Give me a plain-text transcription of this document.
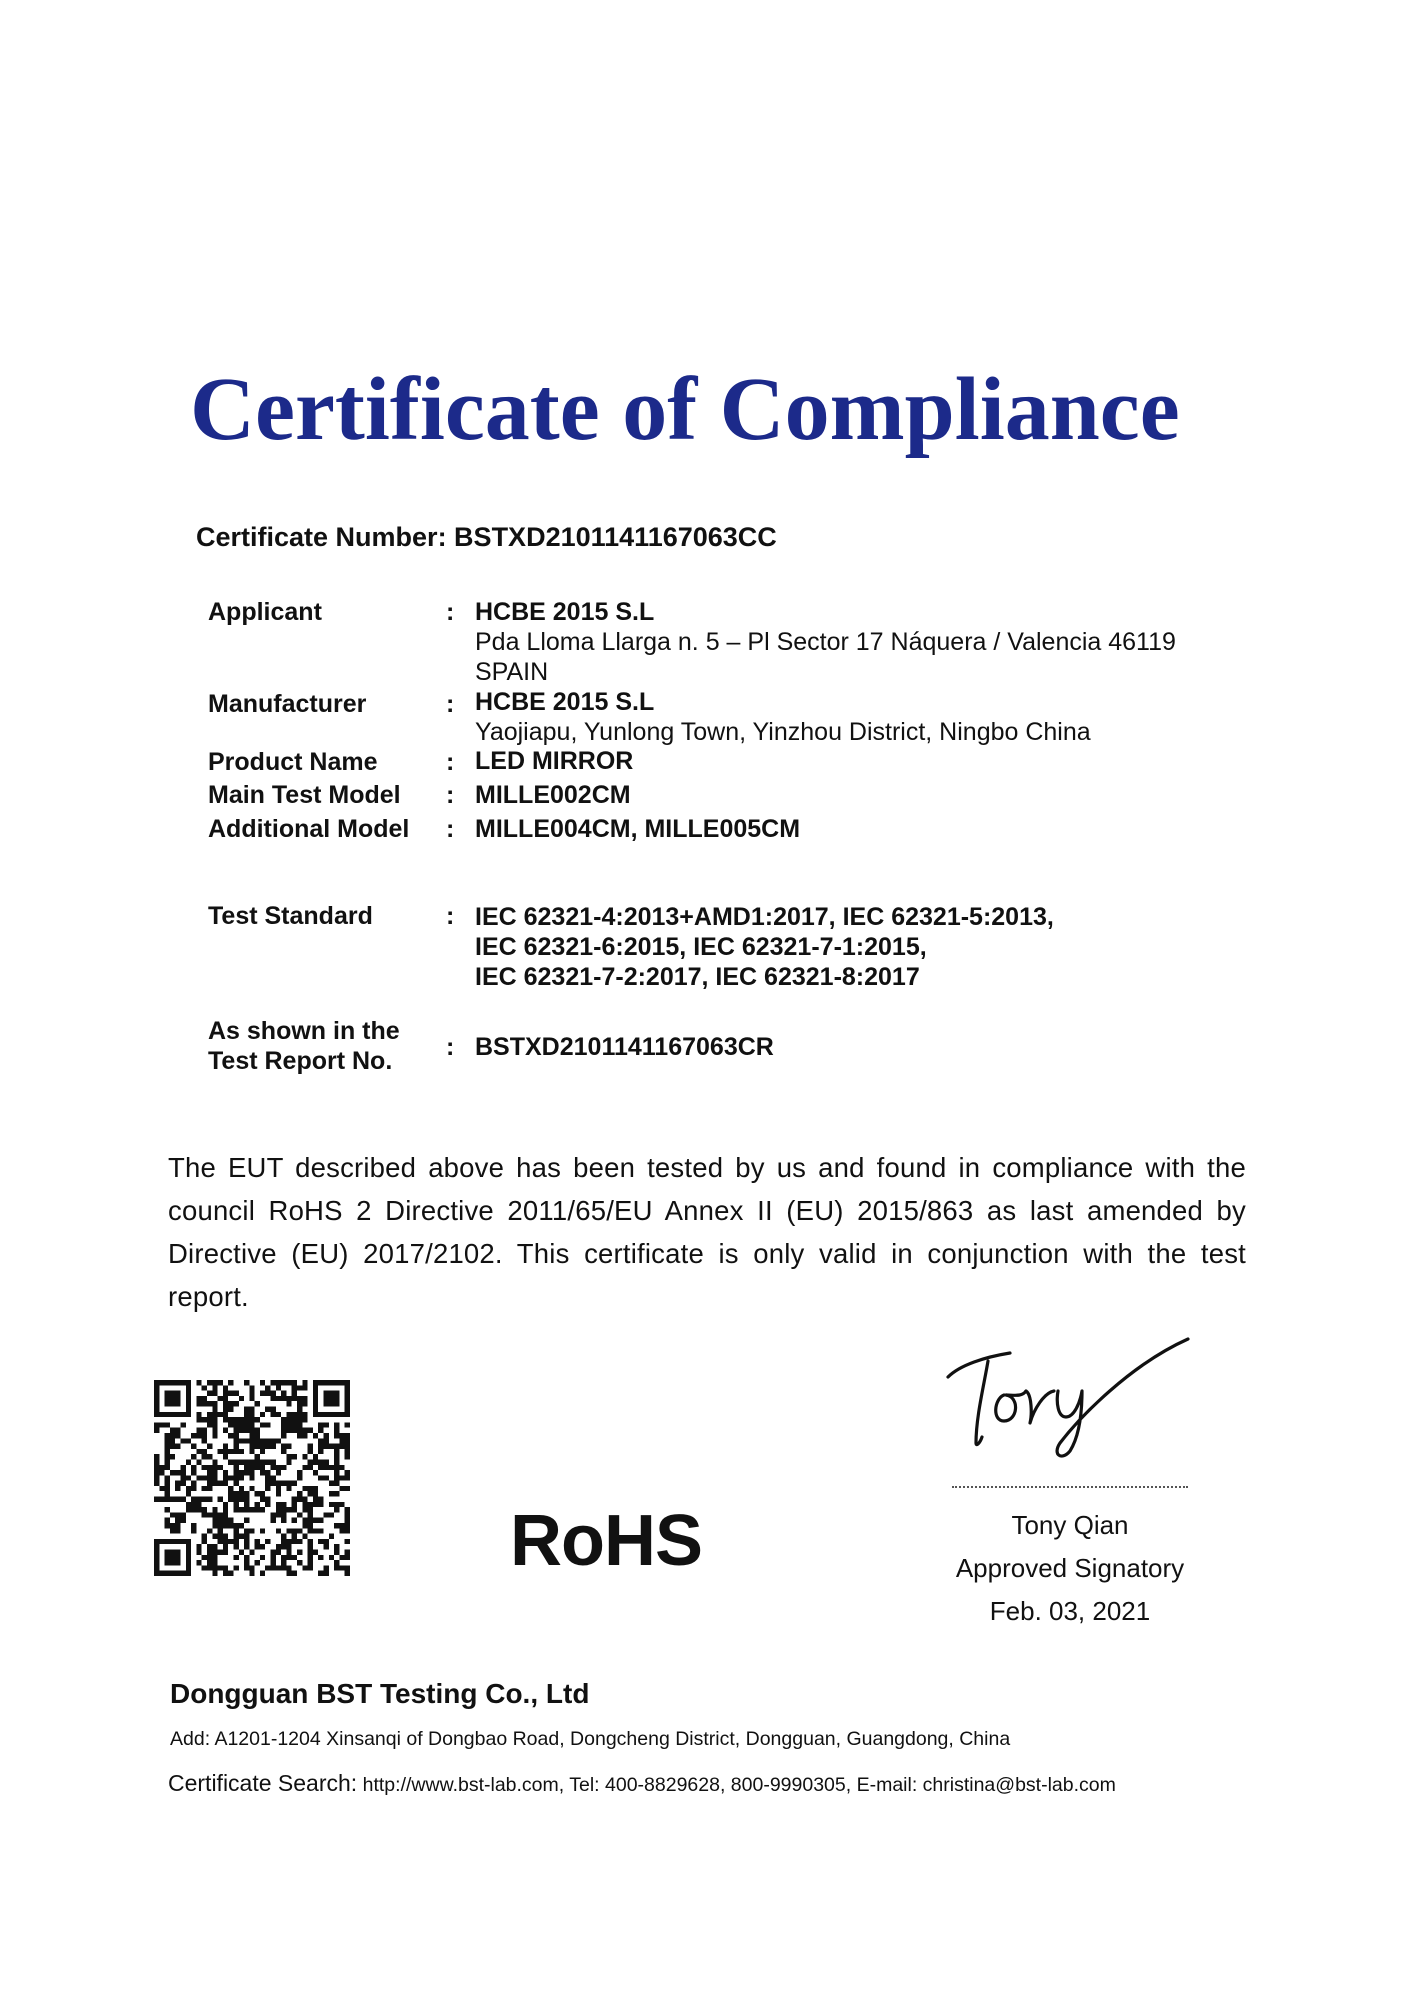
Certificate of Compliance
Certificate Number: BSTXD2101141167063CC
Applicant	: HCBE 2015 S.L
Pda Lloma Llarga n. 5 – Pl Sector 17 Náquera / Valencia 46119
SPAIN
Manufacturer	: HCBE 2015 S.L
Yaojiapu, Yunlong Town, Yinzhou District, Ningbo China
Product Name	: LED MIRROR
Main Test Model : MILLE002CM
Additional Model : MILLE004CM, MILLE005CM
Test Standard	: IEC 62321-4:2013+AMD1:2017, IEC 62321-5:2013,
IEC 62321-6:2015, IEC 62321-7-1:2015,
IEC 62321-7-2:2017, IEC 62321-8:2017
As shown in the
Test Report No. : BSTXD2101141167063CR
The EUT described above has been tested by us and found in compliance with the council RoHS 2 Directive 2011/65/EU Annex II (EU) 2015/863 as last amended by Directive (EU) 2017/2102. This certificate is only valid in conjunction with the test report.
RoHS	Tony Qian
Approved Signatory
Feb. 03, 2021
Dongguan BST Testing Co., Ltd
Add: A1201-1204 Xinsanqi of Dongbao Road, Dongcheng District, Dongguan, Guangdong, China
Certificate Search: http://www.bst-lab.com, Tel: 400-8829628, 800-9990305, E-mail: christina@bst-lab.com
